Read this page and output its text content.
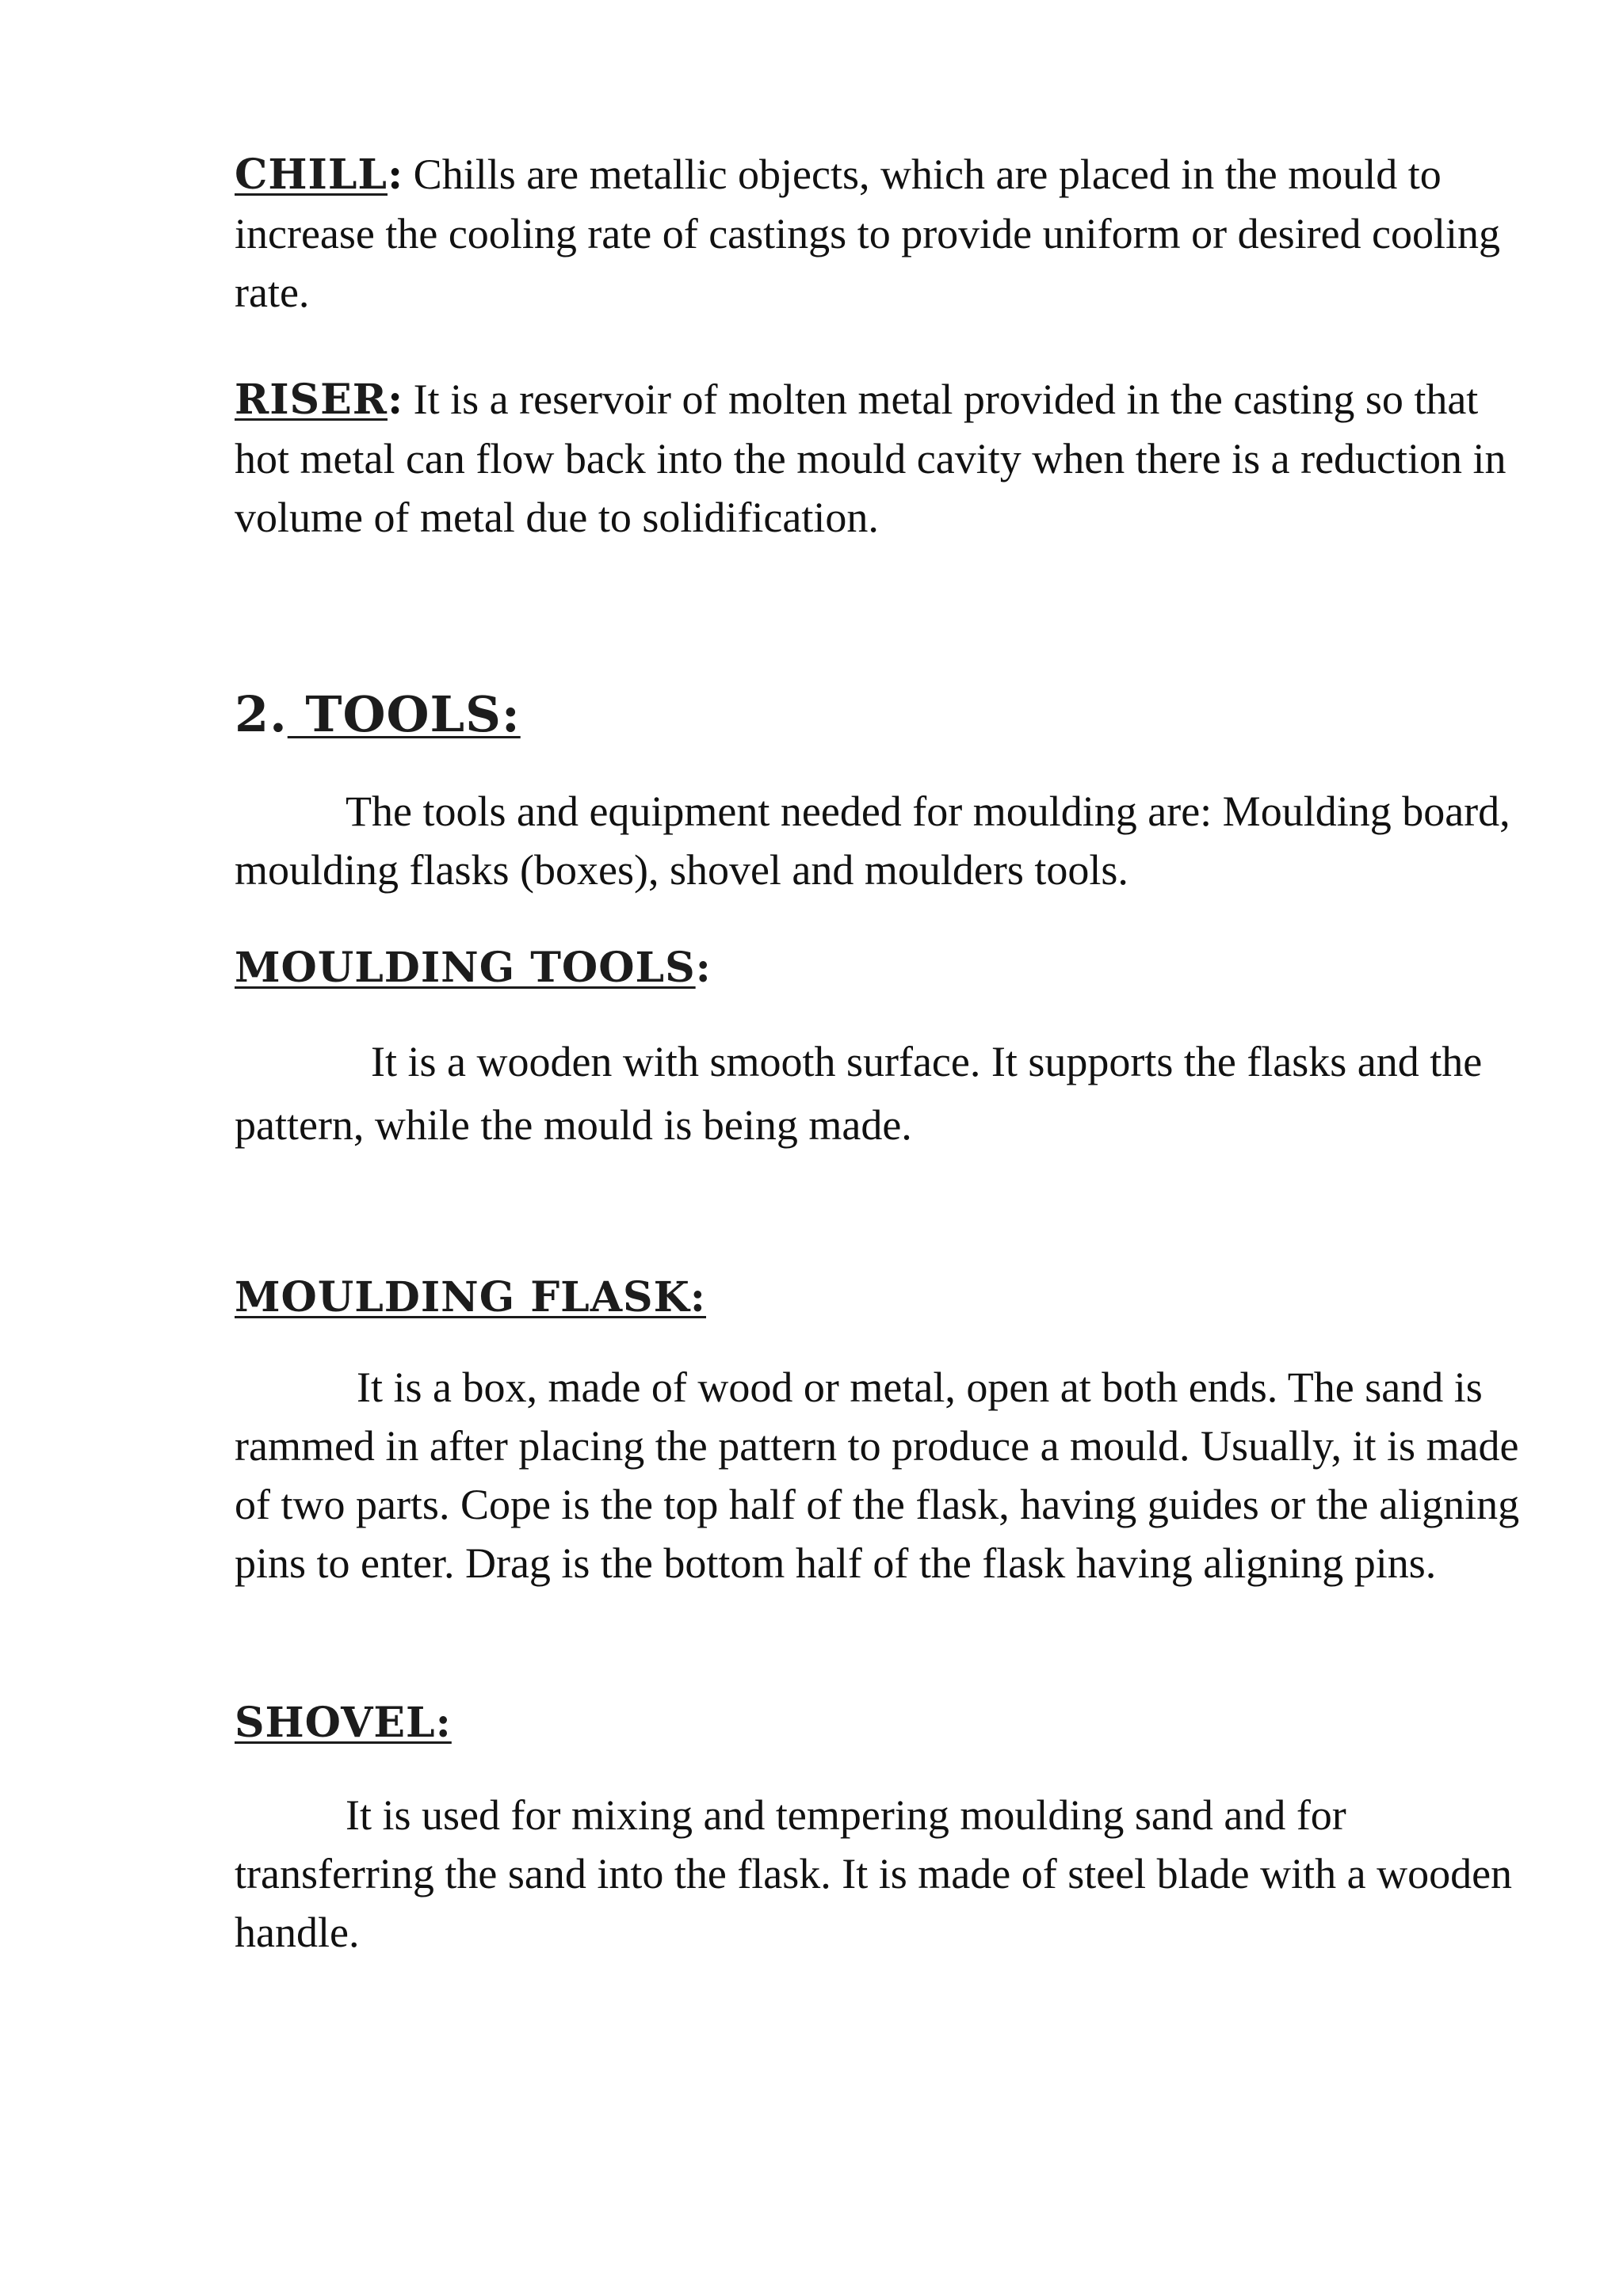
CHILL: Chills are metallic objects, which are placed in the mould to increase the cooling rate of castings to provide uniform or desired cooling rate.

RISER: It is a reservoir of molten metal provided in the casting so that hot metal can flow back into the mould cavity when there is a reduction in volume of metal due to solidification.

2. TOOLS:

The tools and equipment needed for moulding are: Moulding board, moulding flasks (boxes), shovel and moulders tools.

MOULDING TOOLS:

It is a wooden with smooth surface. It supports the flasks and the pattern, while the mould is being made.

MOULDING FLASK:

It is a box, made of wood or metal, open at both ends. The sand is rammed in after placing the pattern to produce a mould. Usually, it is made of two parts. Cope is the top half of the flask, having guides or the aligning pins to enter. Drag is the bottom half of the flask having aligning pins.

SHOVEL:

It is used for mixing and tempering moulding sand and for transferring the sand into the flask. It is made of steel blade with a wooden handle.
